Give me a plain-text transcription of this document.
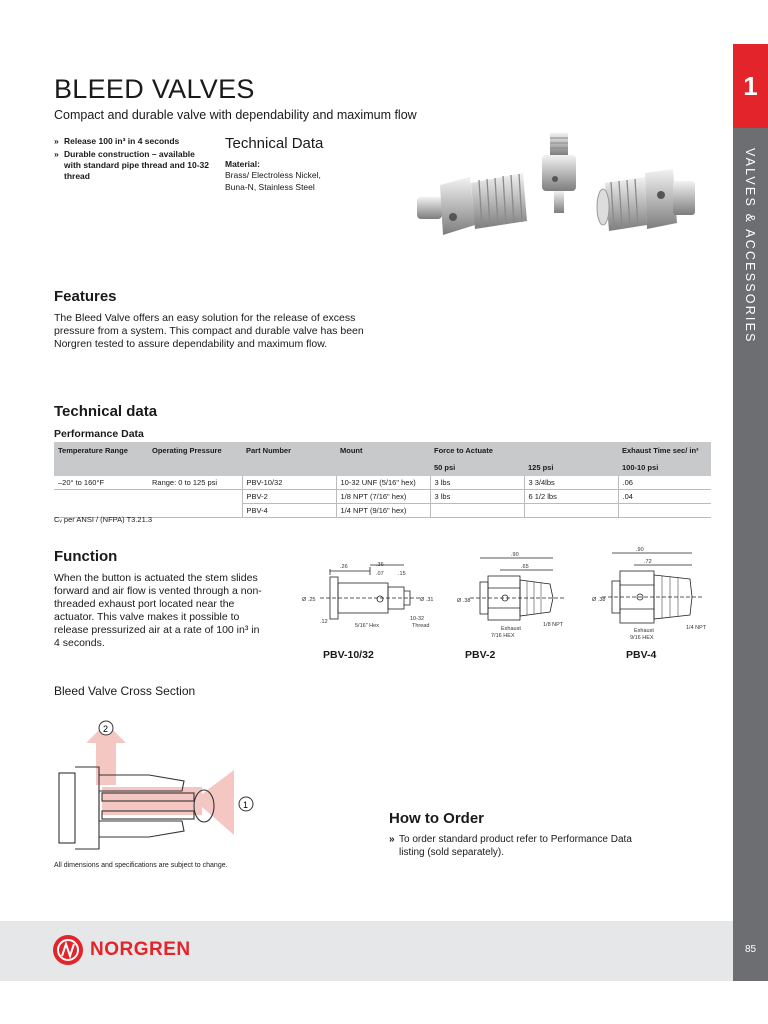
1
VALVES & ACCESSORIES
85
BLEED VALVES
Compact and durable valve with dependability and maximum flow
» Release 100 in³ in 4 seconds
» Durable construction – available with standard pipe thread and 10-32 thread
Technical Data
Material:
Brass/ Electroless Nickel, Buna-N, Stainless Steel
Features
The Bleed Valve offers an easy solution for the release of excess pressure from a system. This compact and durable valve has been Norgren tested to assure dependability and maximum flow.
Technical data
Performance Data
Temperature Range	Operating Pressure	Part Number	Mount	Force to Actuate		Exhaust Time sec/ in³
				50 psi	125 psi	100-10 psi
–20° to 160°F	Range: 0 to 125 psi	PBV-10/32	10-32 UNF (5/16" hex)	3 lbs	3 3/4lbs	.06
		PBV-2	1/8 NPT (7/16" hex)	3 lbs	6 1/2 lbs	.04
		PBV-4	1/4 NPT (9/16" hex)			
Cᵥ per ANSI / (NFPA) T3.21.3
Function
When the button is actuated the stem slides forward and air flow is vented through a non-threaded exhaust port located near the actuator. This valve makes it possible to release pressurized air at a rate of 100 in³ in 4 seconds.
.26	.36
.07	.15
Ø .25	Ø .31
.12
5/16" Hex
10-32
Thread
PBV-10/32
.90
.65
Ø .38
Exhaust
1/8 NPT
7/16 HEX
PBV-2
.90
.72
Ø .38
Exhaust	1/4 NPT
9/16 HEX
PBV-4
Bleed Valve Cross Section
2
1
All dimensions and specifications are subject to change.
How to Order
» To order standard product refer to Performance Data listing (sold separately).
NORGREN
